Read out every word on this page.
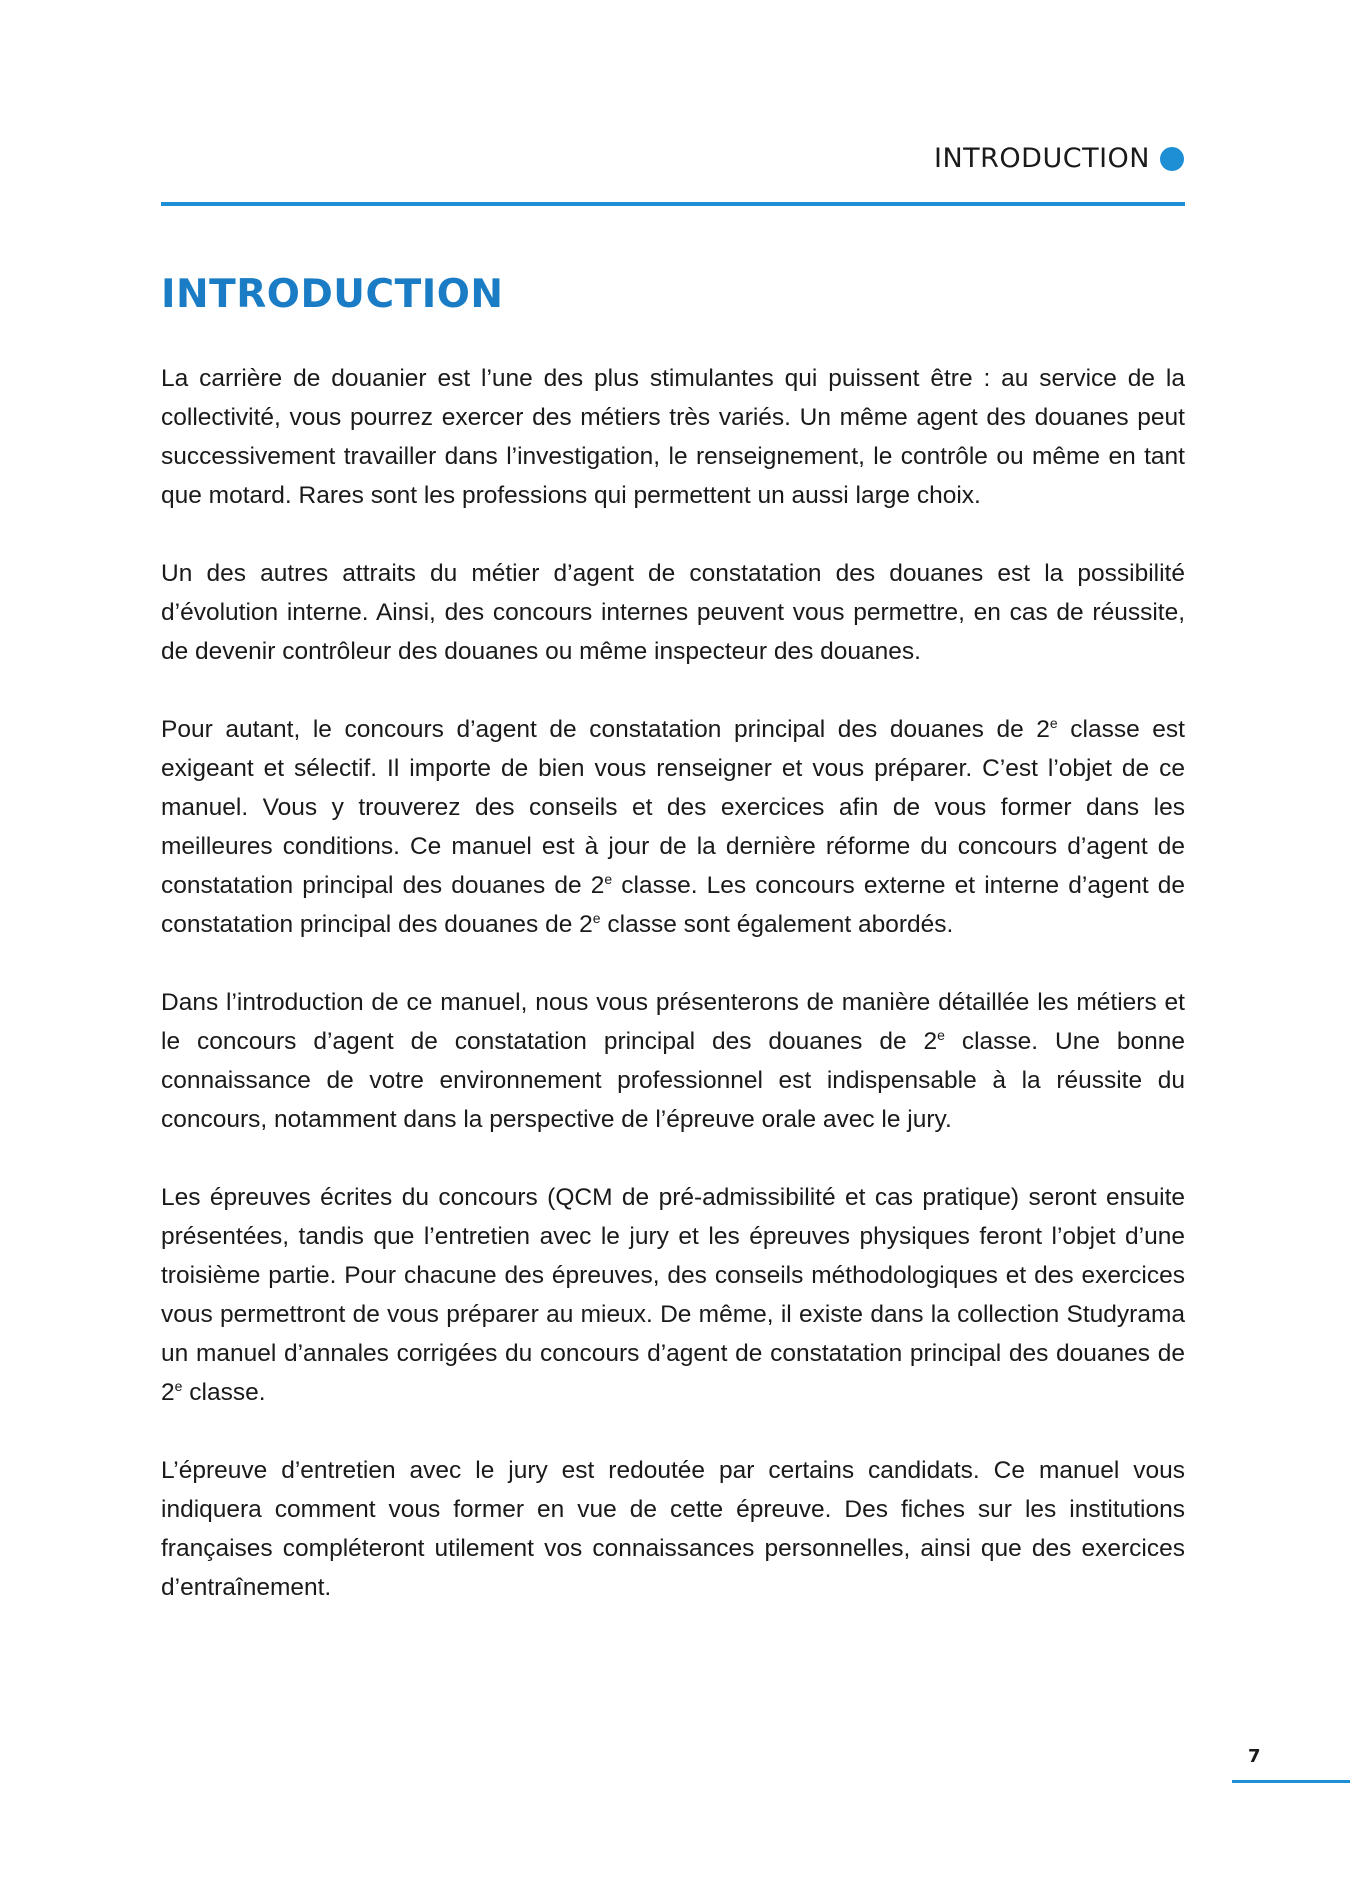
INTRODUCTION
INTRODUCTION

La carrière de douanier est l’une des plus stimulantes qui puissent être : au service de la collectivité, vous pourrez exercer des métiers très variés. Un même agent des douanes peut successivement travailler dans l’investigation, le renseignement, le contrôle ou même en tant que motard. Rares sont les professions qui permettent un aussi large choix.

Un des autres attraits du métier d’agent de constatation des douanes est la possibilité d’évolution interne. Ainsi, des concours internes peuvent vous permettre, en cas de réussite, de devenir contrôleur des douanes ou même inspecteur des douanes.

Pour autant, le concours d’agent de constatation principal des douanes de 2e classe est exigeant et sélectif. Il importe de bien vous renseigner et vous préparer. C’est l’objet de ce manuel. Vous y trouverez des conseils et des exercices afin de vous former dans les meilleures conditions. Ce manuel est à jour de la dernière réforme du concours d’agent de constatation principal des douanes de 2e classe. Les concours externe et interne d’agent de constatation principal des douanes de 2e classe sont également abordés.

Dans l’introduction de ce manuel, nous vous présenterons de manière détaillée les métiers et le concours d’agent de constatation principal des douanes de 2e classe. Une bonne connaissance de votre environnement professionnel est indispensable à la réussite du concours, notamment dans la perspective de l’épreuve orale avec le jury.

Les épreuves écrites du concours (QCM de pré-admissibilité et cas pratique) seront ensuite présentées, tandis que l’entretien avec le jury et les épreuves physiques feront l’objet d’une troisième partie. Pour chacune des épreuves, des conseils méthodologiques et des exercices vous permettront de vous préparer au mieux. De même, il existe dans la collection Studyrama un manuel d’annales corrigées du concours d’agent de constatation principal des douanes de 2e classe.

L’épreuve d’entretien avec le jury est redoutée par certains candidats. Ce manuel vous indiquera comment vous former en vue de cette épreuve. Des fiches sur les institutions françaises compléteront utilement vos connaissances personnelles, ainsi que des exercices d’entraînement.

7
